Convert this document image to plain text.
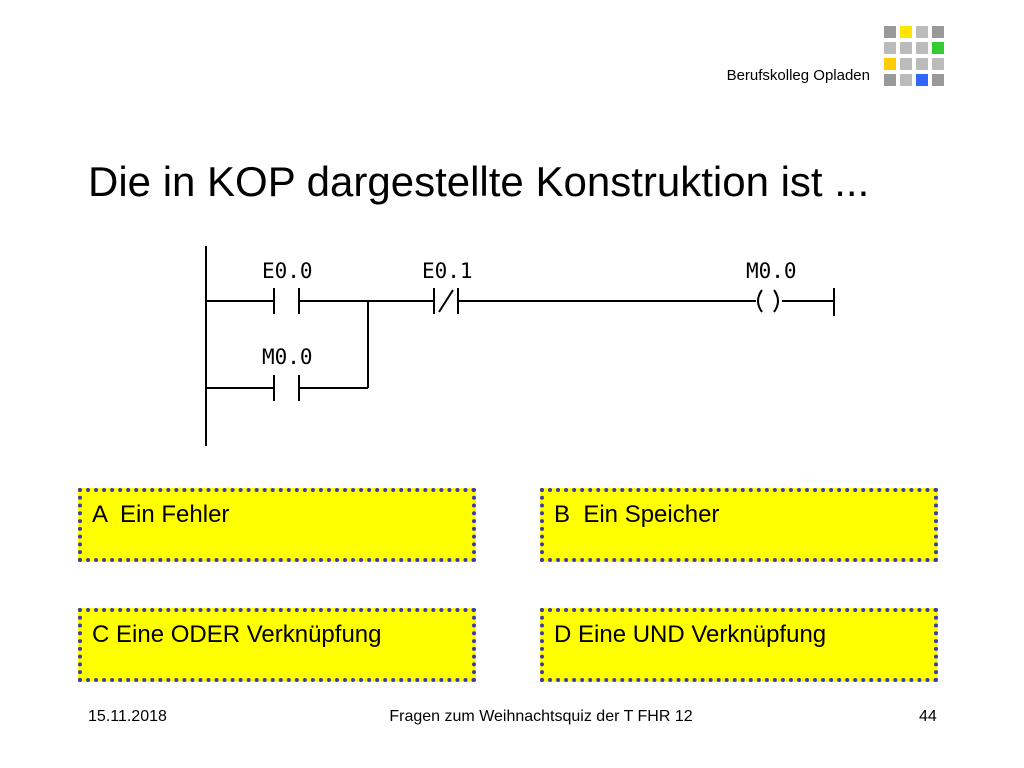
Berufskolleg Opladen
Die in KOP dargestellte Konstruktion ist ...
E0.0	E0.1	M0.0
M0.0
A  Ein Fehler	B  Ein Speicher
C Eine ODER Verknüpfung	D Eine UND Verknüpfung
15.11.2018	Fragen zum Weihnachtsquiz der T FHR 12	44
